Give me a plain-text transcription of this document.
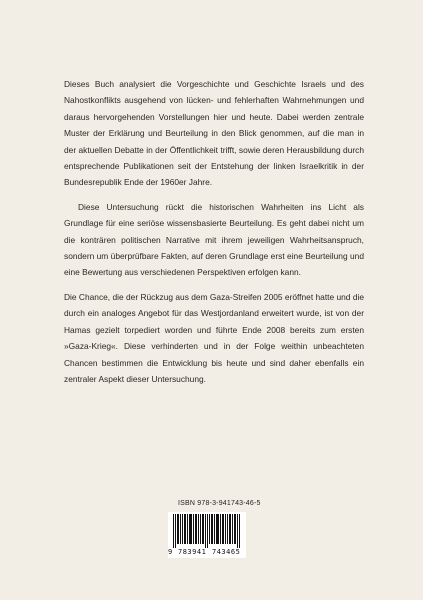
Dieses Buch analysiert die Vorgeschichte und Geschichte Israels und des Nahostkonflikts ausgehend von lücken- und fehlerhaften Wahrnehmungen und daraus hervorgehenden Vorstellungen hier und heute. Dabei werden zentrale Muster der Erklärung und Beurteilung in den Blick genommen, auf die man in der aktuellen Debatte in der Öffentlichkeit trifft, sowie deren Herausbildung durch entsprechende Publikationen seit der Entstehung der linken Israelkritik in der Bundesrepublik Ende der 1960er Jahre.

Diese Untersuchung rückt die historischen Wahrheiten ins Licht als Grundlage für eine seriöse wissensbasierte Beurteilung. Es geht dabei nicht um die konträren politischen Narrative mit ihrem jeweiligen Wahrheitsanspruch, sondern um überprüfbare Fakten, auf deren Grundlage erst eine Beurteilung und eine Bewertung aus verschiedenen Perspektiven erfolgen kann.

Die Chance, die der Rückzug aus dem Gaza-Streifen 2005 eröffnet hatte und die durch ein analoges Angebot für das Westjordanland erweitert wurde, ist von der Hamas gezielt torpediert worden und führte Ende 2008 bereits zum ersten »Gaza-Krieg«. Diese verhinderten und in der Folge weithin unbeachteten Chancen bestimmen die Entwicklung bis heute und sind daher ebenfalls ein zentraler Aspekt dieser Untersuchung.

ISBN 978-3-941743-46-5
9 783941 743465
